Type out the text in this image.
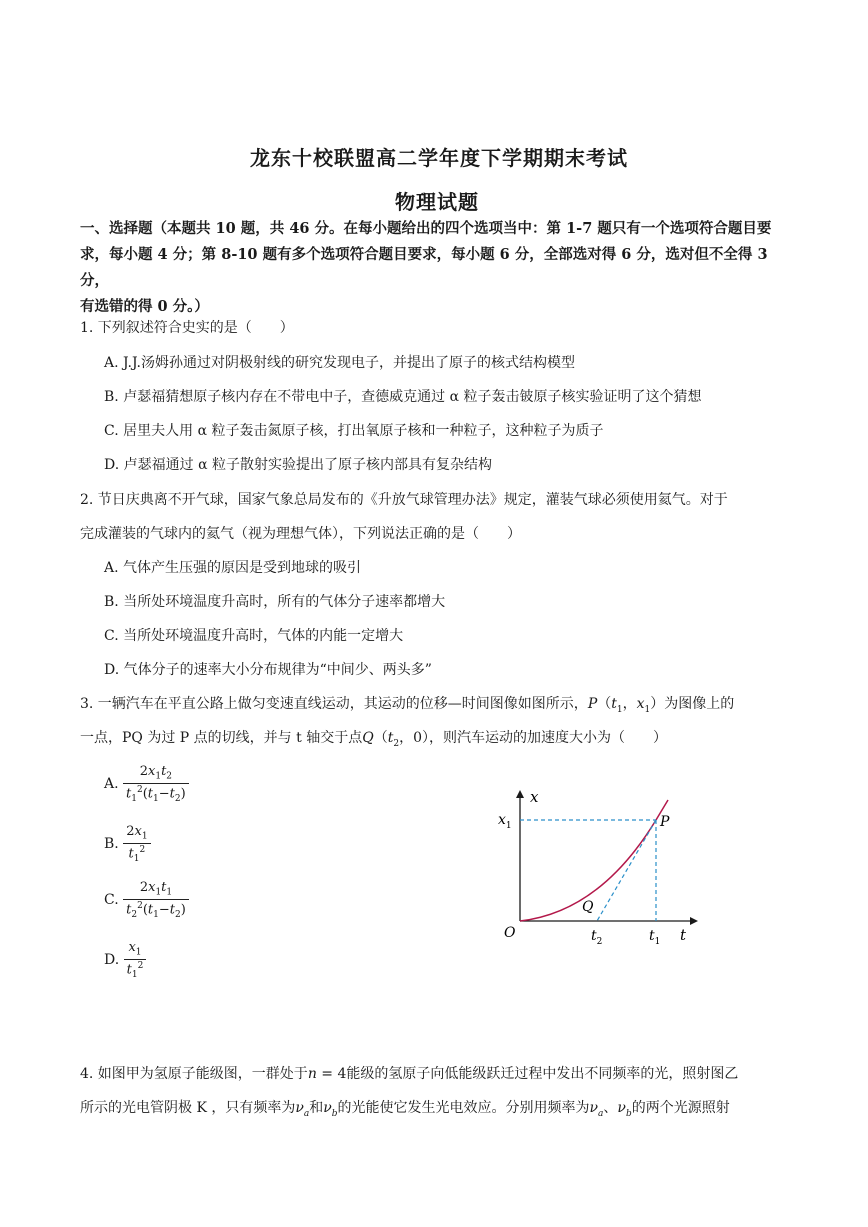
龙东十校联盟高二学年度下学期期末考试
物理试题
一、选择题（本题共 10 题，共 46 分。在每小题给出的四个选项当中：第 1-7 题只有一个选项符合题目要
求，每小题 4 分；第 8-10 题有多个选项符合题目要求，每小题 6 分，全部选对得 6 分，选对但不全得 3 分，
有选错的得 0 分。）
1. 下列叙述符合史实的是（　　）
A. J.J.汤姆孙通过对阴极射线的研究发现电子，并提出了原子的核式结构模型
B. 卢瑟福猜想原子核内存在不带电中子，查德威克通过 α 粒子轰击铍原子核实验证明了这个猜想
C. 居里夫人用 α 粒子轰击氮原子核，打出氧原子核和一种粒子，这种粒子为质子
D. 卢瑟福通过 α 粒子散射实验提出了原子核内部具有复杂结构
2. 节日庆典离不开气球，国家气象总局发布的《升放气球管理办法》规定，灌装气球必须使用氦气。对于
完成灌装的气球内的氦气（视为理想气体），下列说法正确的是（　　）
A. 气体产生压强的原因是受到地球的吸引
B. 当所处环境温度升高时，所有的气体分子速率都增大
C. 当所处环境温度升高时，气体的内能一定增大
D. 气体分子的速率大小分布规律为“中间少、两头多”
3. 一辆汽车在平直公路上做匀变速直线运动，其运动的位移—时间图像如图所示，$P(t_1$，$x_1$）为图像上的
一点，PQ 为过 P 点的切线，并与 t 轴交于点$Q(t_2$，0），则汽车运动的加速度大小为（　　）
A. $\frac{2x_1t_2}{t_1^2(t_1-t_2)}$
B. $\frac{2x_1}{t_1^2}$
C. $\frac{2x_1t_1}{t_2^2(t_1-t_2)}$
D. $\frac{x_1}{t_1^2}$
x
t
$x_1$	P
Q
O	$t_2$	$t_1$
4. 如图甲为氢原子能级图，一群处于n = 4能级的氢原子向低能级跃迁过程中发出不同频率的光，照射图乙
所示的光电管阴极 K ，只有频率为$\nu_a$和$\nu_b$的光能使它发生光电效应。分别用频率为$\nu_a$、$\nu_b$的两个光源照射
